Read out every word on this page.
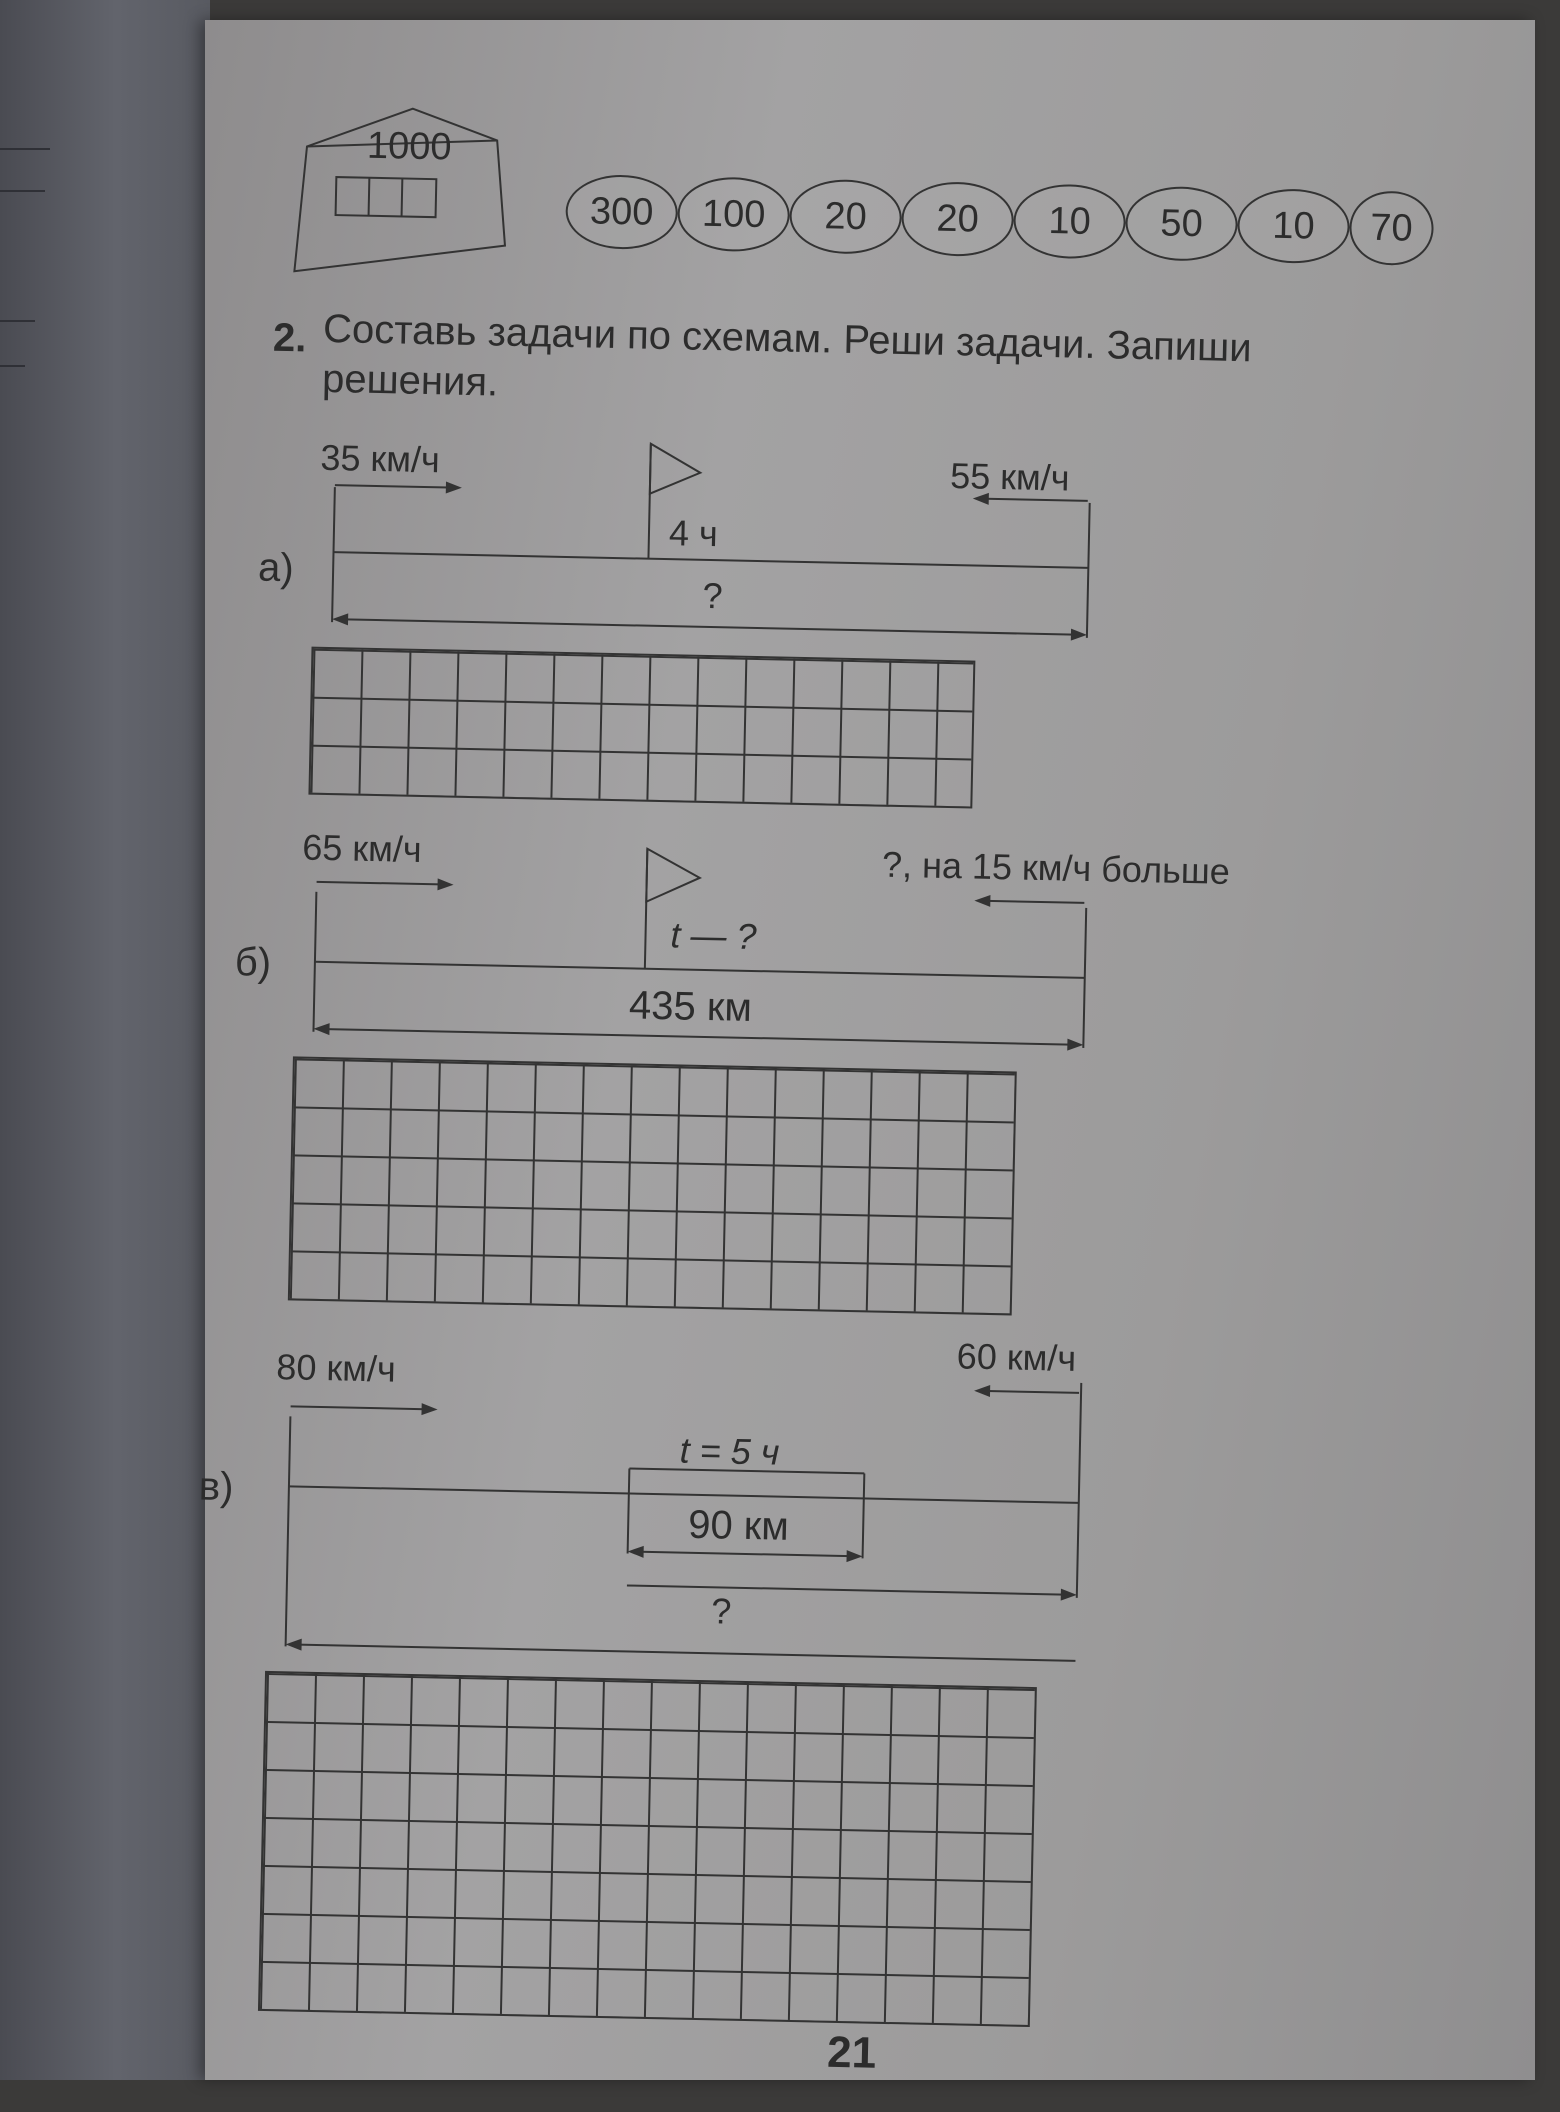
1000
300	100	20	20	10	50	10	70
2. Составь задачи по схемам. Реши задачи. Запиши
решения.
35 км/ч	55 км/ч
4 ч
?
а)
65 км/ч	?, на 15 км/ч больше
t — ?
435 км
б)
80 км/ч	60 км/ч
t = 5 ч
90 км
?
в)
21
